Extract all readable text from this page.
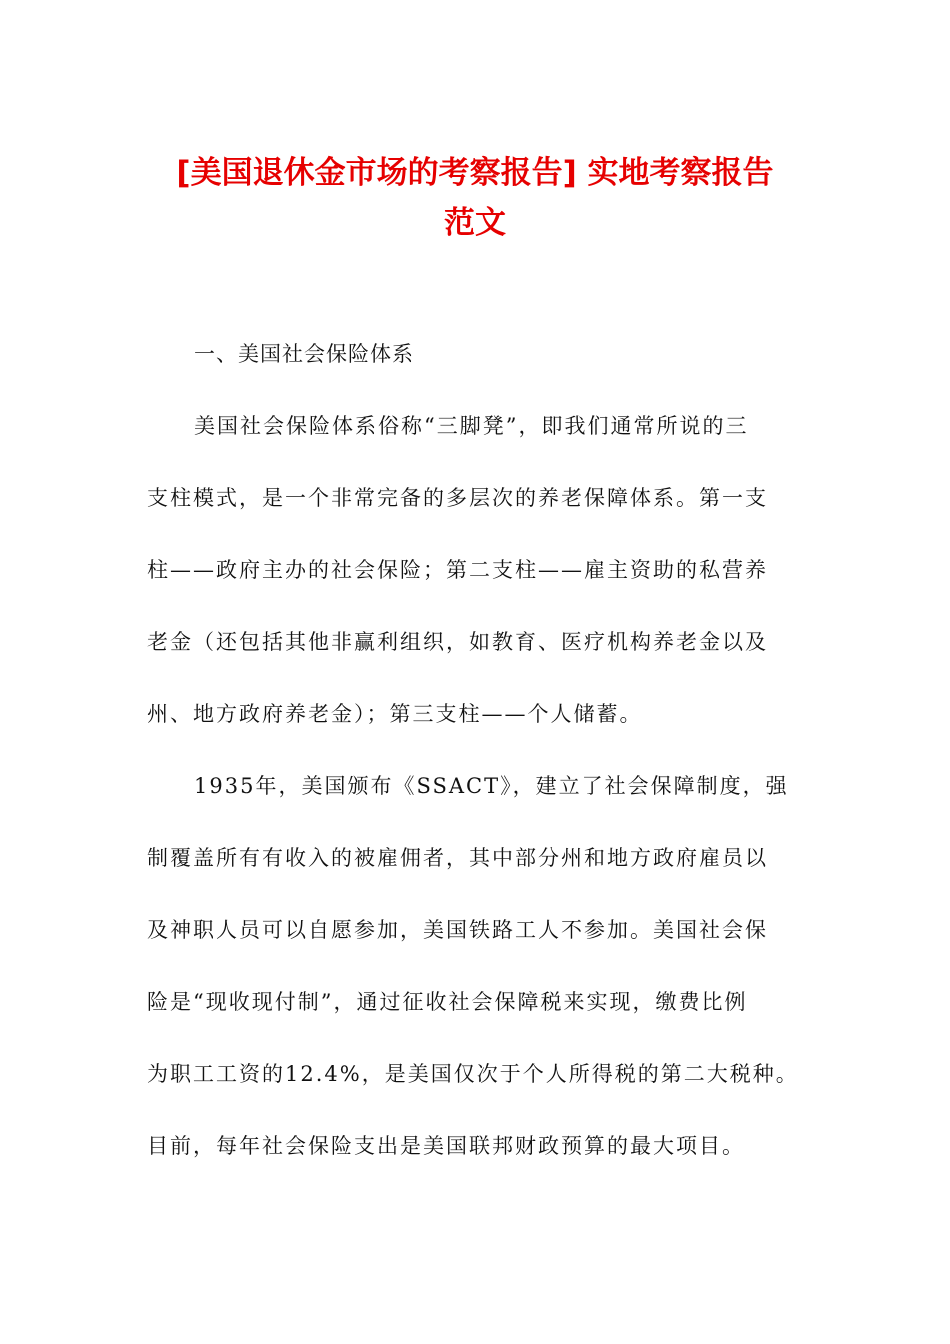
[美国退休金市场的考察报告] 实地考察报告
范文
一、美国社会保险体系
美国社会保险体系俗称“三脚凳”，即我们通常所说的三
支柱模式，是一个非常完备的多层次的养老保障体系。第一支
柱——政府主办的社会保险；第二支柱——雇主资助的私营养
老金（还包括其他非赢利组织，如教育、医疗机构养老金以及
州、地方政府养老金）；第三支柱——个人储蓄。
1935年，美国颁布《SSACT》，建立了社会保障制度，强
制覆盖所有有收入的被雇佣者，其中部分州和地方政府雇员以
及神职人员可以自愿参加，美国铁路工人不参加。美国社会保
险是“现收现付制”，通过征收社会保障税来实现，缴费比例
为职工工资的12.4%，是美国仅次于个人所得税的第二大税种。
目前，每年社会保险支出是美国联邦财政预算的最大项目。
